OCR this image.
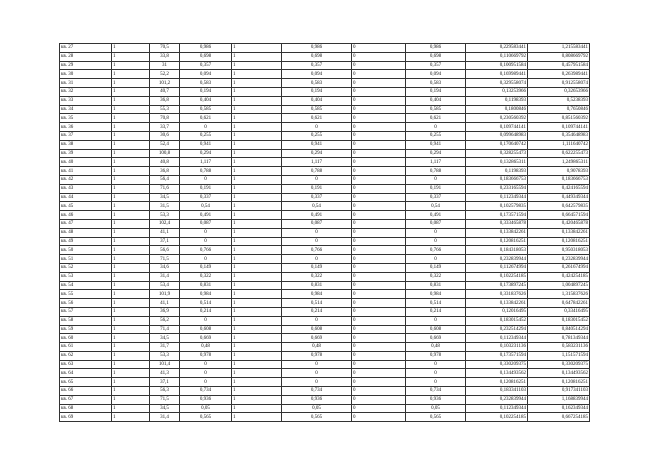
кв. 27	1	70,5	0,986	1	0,986	0	0,986	0,229583441	1,215583441
кв. 28	1	33,8	0,698	1	0,698	0	0,698	0,110669792	0,808669792
кв. 29	1	31	0,357	1	0,357	0	0,357	0,100951584	0,457951584
кв. 30	1	52,2	0,094	1	0,094	0	0,094	0,169989441	0,263989441
кв. 31	1	101,2	0,583	1	0,583	0	0,583	0,329558074	0,912558074
кв. 32	1	40,7	0,194	1	0,194	0	0,194	0,13253966	0,32653966
кв. 33	1	36,8	0,404	1	0,404	0	0,404	0,1198393	0,5238393
кв. 34	1	55,3	0,585	1	0,585	0	0,585	0,1800846	0,7650846
кв. 35	1	70,8	0,621	1	0,621	0	0,621	0,230560392	0,851560392
кв. 36	1	33,7	0	1	0	0	0	0,109744141	0,109744141
кв. 37	1	30,6	0,255	1	0,255	0	0,255	0,099648983	0,354648983
кв. 38	1	52,4	0,941	1	0,941	0	0,941	0,170640742	1,111640742
кв. 39	1	100,8	0,294	1	0,294	0	0,294	0,328255473	0,622255473
кв. 40	1	40,8	1,117	1	1,117	0	1,117	0,132865311	1,249865311
кв. 41	1	36,8	0,788	1	0,788	0	0,788	0,1198393	0,9078393
кв. 42	1	56,4	0	1	0	0	0	0,183666753	0,183666753
кв. 43	1	71,6	0,191	1	0,191	0	0,191	0,233165594	0,424165594
кв. 44	1	34,5	0,337	1	0,337	0	0,337	0,112349344	0,449349344
кв. 45	1	31,5	0,54	1	0,54	0	0,54	0,102579835	0,642579835
кв. 46	1	53,3	0,491	1	0,491	0	0,491	0,173571594	0,664571594
кв. 47	1	102,4	0,087	1	0,087	0	0,087	0,333465878	0,420465878
кв. 48	1	41,1	0	1	0	0	0	0,133842261	0,133842261
кв. 49	1	37,1	0	1	0	0	0	0,120816251	0,120816251
кв. 50	1	56,6	0,766	1	0,766	0	0,766	0,184318053	0,950318053
кв. 51	1	71,5	0	1	0	0	0	0,232839944	0,232839944
кв. 52	1	34,6	0,149	1	0,149	0	0,149	0,112674994	0,261674994
кв. 53	1	31,4	0,322	1	0,322	0	0,322	0,102254185	0,424254185
кв. 54	1	53,4	0,831	1	0,831	0	0,831	0,173897245	1,004897245
кв. 55	1	101,9	0,984	1	0,984	0	0,984	0,331837626	1,315837626
кв. 56	1	41,1	0,514	1	0,514	0	0,514	0,133842261	0,647842261
кв. 57	1	36,9	0,214	1	0,214	0	0,214	0,12016495	0,33416495
кв. 58	1	56,2	0	1	0	0	0	0,183015452	0,183015452
кв. 59	1	71,4	0,608	1	0,608	0	0,608	0,232514294	0,840514294
кв. 60	1	34,5	0,669	1	0,669	0	0,669	0,112349344	0,781349344
кв. 61	1	31,7	0,48	1	0,48	0	0,48	0,103231136	0,583231136
кв. 62	1	53,3	0,978	1	0,978	0	0,978	0,173571594	1,151571594
кв. 63	1	101,4	0	1	0	0	0	0,330209375	0,330209375
кв. 64	1	41,3	0	1	0	0	0	0,134493562	0,134493562
кв. 65	1	37,1	0	1	0	0	0	0,120816251	0,120816251
кв. 66	1	56,3	0,734	1	0,734	0	0,734	0,183341103	0,917341103
кв. 67	1	71,5	0,936	1	0,936	0	0,936	0,232839944	1,168839944
кв. 68	1	34,5	0,05	1	0,05	0	0,05	0,112349344	0,162349344
кв. 69	1	31,4	0,565	1	0,565	0	0,565	0,102254185	0,667254185
